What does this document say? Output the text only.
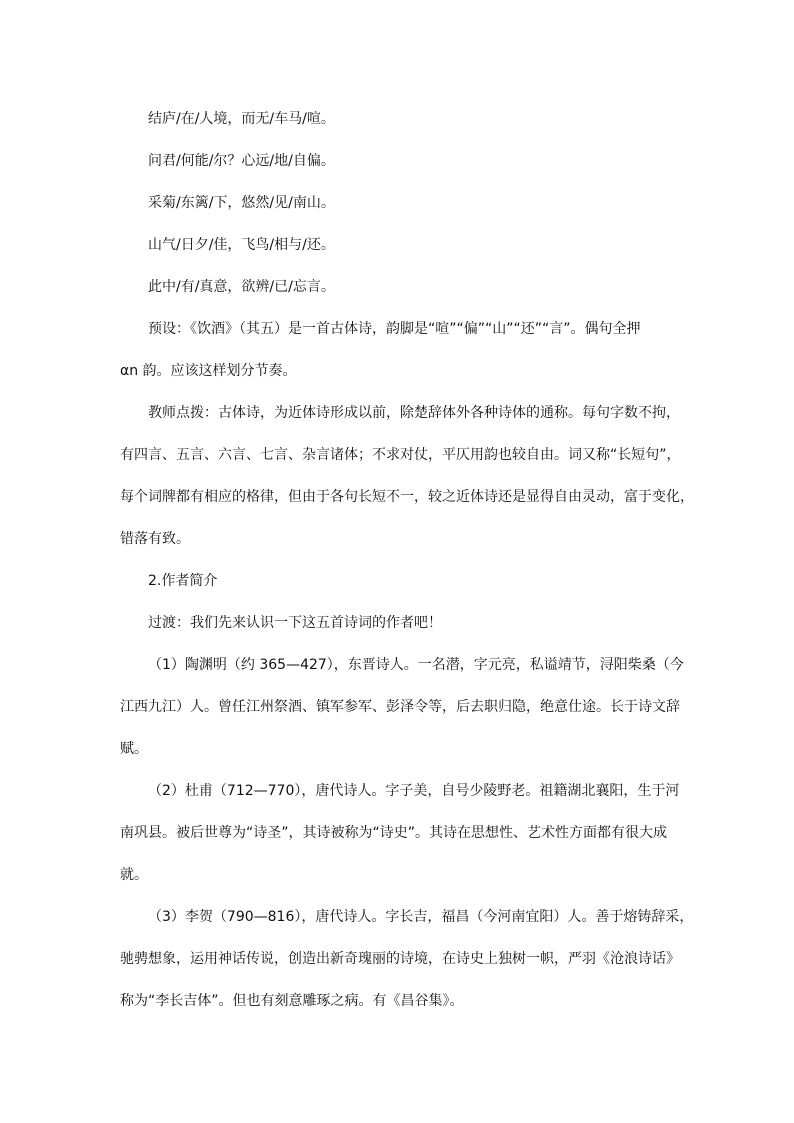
结庐/在/人境，而无/车马/喧。
问君/何能/尔？心远/地/自偏。
采菊/东篱/下，悠然/见/南山。
山气/日夕/佳，飞鸟/相与/还。
此中/有/真意，欲辨/已/忘言。
预设：《饮酒》（其五）是一首古体诗，韵脚是“喧”“偏”“山”“还”“言”。偶句全押
αn 韵。应该这样划分节奏。
教师点拨：古体诗，为近体诗形成以前，除楚辞体外各种诗体的通称。每句字数不拘，
有四言、五言、六言、七言、杂言诸体；不求对仗，平仄用韵也较自由。词又称“长短句”，
每个词牌都有相应的格律，但由于各句长短不一，较之近体诗还是显得自由灵动，富于变化，
错落有致。
2.作者简介
过渡：我们先来认识一下这五首诗词的作者吧！
（1）陶渊明（约 365—427），东晋诗人。一名潜，字元亮，私谥靖节，浔阳柴桑（今
江西九江）人。曾任江州祭酒、镇军参军、彭泽令等，后去职归隐，绝意仕途。长于诗文辞
赋。
（2）杜甫（712—770），唐代诗人。字子美，自号少陵野老。祖籍湖北襄阳，生于河
南巩县。被后世尊为“诗圣”，其诗被称为“诗史”。其诗在思想性、艺术性方面都有很大成
就。
（3）李贺（790—816），唐代诗人。字长吉，福昌（今河南宜阳）人。善于熔铸辞采，
驰骋想象，运用神话传说，创造出新奇瑰丽的诗境，在诗史上独树一帜，严羽《沧浪诗话》
称为“李长吉体”。但也有刻意雕琢之病。有《昌谷集》。
